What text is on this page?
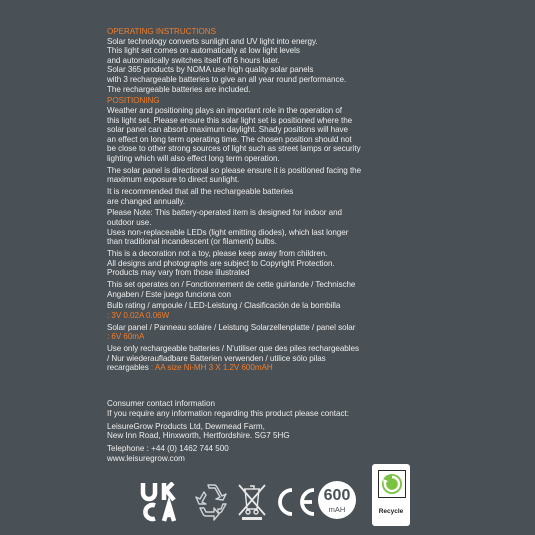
OPERATING INSTRUCTIONS
Solar technology converts sunlight and UV light into energy.
This light set comes on automatically at low light levels
and automatically switches itself off 6 hours later.
Solar 365 products by NOMA use high quality solar panels
with 3 rechargeable batteries to give an all year round performance.
The rechargeable batteries are included.

POSITIONING
Weather and positioning plays an important role in the operation of
this light set. Please ensure this solar light set is positioned where the
solar panel can absorb maximum daylight. Shady positions will have
an effect on long term operating time. The chosen position should not
be close to other strong sources of light such as street lamps or security
lighting which will also effect long term operation.

The solar panel is directional so please ensure it is positioned facing the
maximum exposure to direct sunlight.

It is recommended that all the rechargeable batteries
are changed annually.

Please Note: This battery-operated item is designed for indoor and
outdoor use.
Uses non-replaceable LEDs (light emitting diodes), which last longer
than traditional incandescent (or filament) bulbs.

This is a decoration not a toy, please keep away from children.
All designs and photographs are subject to Copyright Protection.
Products may vary from those illustrated

This set operates on / Fonctionnement de cette guirlande / Technische
Angaben / Este juego funciona con

Bulb rating / ampoule / LED-Leistung / Clasificación de la bombilla
: 3V 0.02A 0.06W

Solar panel / Panneau solaire / Leistung Solarzellenplatte / panel solar
: 6V 60mA

Use only rechargeable batteries / N’utiliser que des piles rechargeables
/ Nur wiederaufladbare Batterien verwenden / utilice sólo pilas
recargables : AA size Ni-MH 3 X 1.2V 600mAH

Consumer contact information
If you require any information regarding this product please contact:

LeisureGrow Products Ltd, Dewmead Farm,
New Inn Road, Hinxworth, Hertfordshire. SG7 5HG

Telephone : +44 (0) 1462 744 500
www.leisuregrow.com

600
mAH	Recycle
